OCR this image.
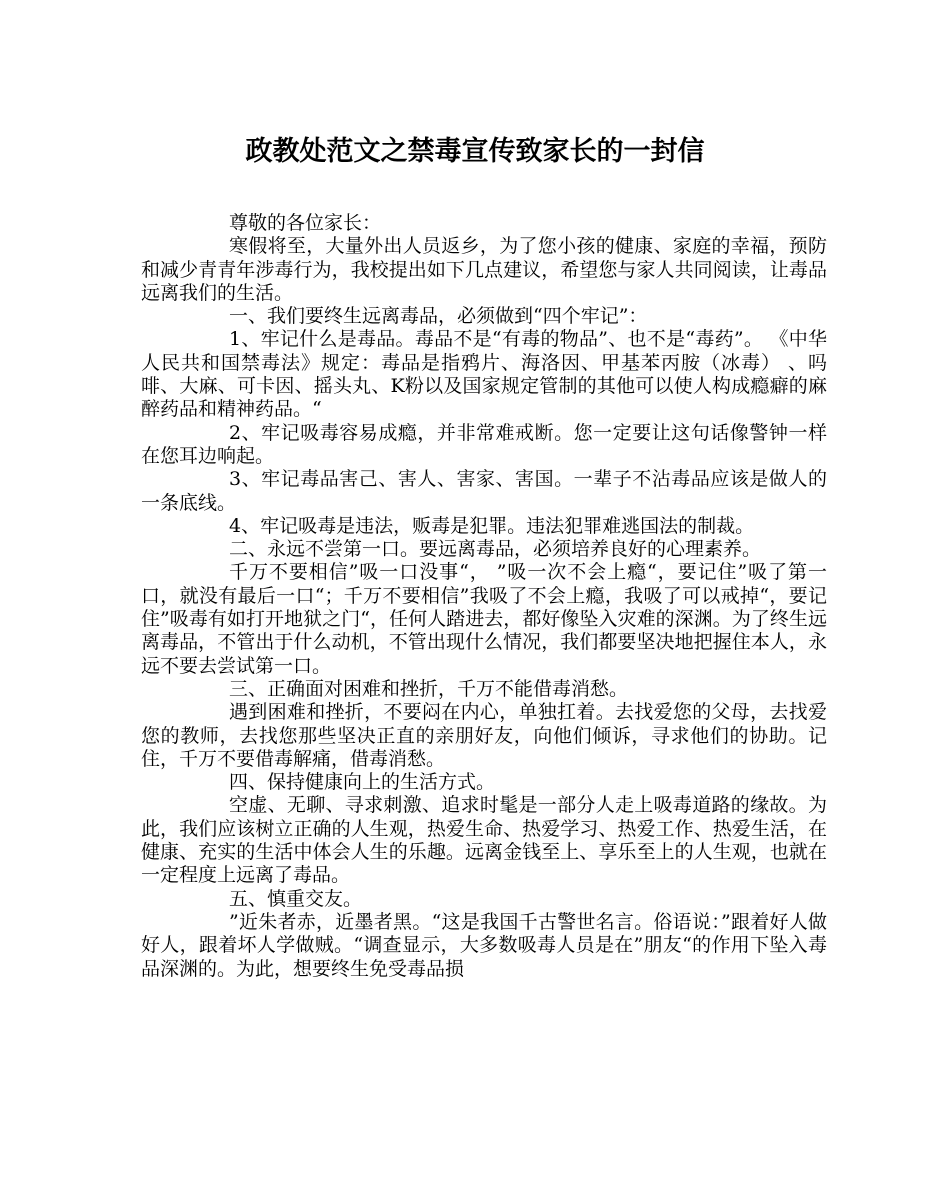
政教处范文之禁毒宣传致家长的一封信

尊敬的各位家长：

寒假将至，大量外出人员返乡，为了您小孩的健康、家庭的幸福，预防和减少青青年涉毒行为，我校提出如下几点建议，希望您与家人共同阅读，让毒品远离我们的生活。

一、我们要终生远离毒品，必须做到“四个牢记”：

1、牢记什么是毒品。毒品不是“有毒的物品”、也不是“毒药”。 《中华人民共和国禁毒法》规定：毒品是指鸦片、海洛因、甲基苯丙胺（冰毒） 、吗啡、大麻、可卡因、摇头丸、K粉以及国家规定管制的其他可以使人构成瘾癖的麻醉药品和精神药品。“

2、牢记吸毒容易成瘾，并非常难戒断。您一定要让这句话像警钟一样在您耳边响起。

3、牢记毒品害己、害人、害家、害国。一辈子不沾毒品应该是做人的一条底线。

4、牢记吸毒是违法，贩毒是犯罪。违法犯罪难逃国法的制裁。

二、永远不尝第一口。要远离毒品，必须培养良好的心理素养。

千万不要相信”吸一口没事“， ”吸一次不会上瘾“，要记住”吸了第一口，就没有最后一口“；千万不要相信”我吸了不会上瘾，我吸了可以戒掉“，要记住”吸毒有如打开地狱之门“，任何人踏进去，都好像坠入灾难的深渊。为了终生远离毒品，不管出于什么动机，不管出现什么情况，我们都要坚决地把握住本人，永远不要去尝试第一口。

三、正确面对困难和挫折，千万不能借毒消愁。

遇到困难和挫折，不要闷在内心，单独扛着。去找爱您的父母，去找爱您的教师，去找您那些坚决正直的亲朋好友，向他们倾诉，寻求他们的协助。记住，千万不要借毒解痛，借毒消愁。

四、保持健康向上的生活方式。

空虚、无聊、寻求刺激、追求时髦是一部分人走上吸毒道路的缘故。为此，我们应该树立正确的人生观，热爱生命、热爱学习、热爱工作、热爱生活，在健康、充实的生活中体会人生的乐趣。远离金钱至上、享乐至上的人生观，也就在一定程度上远离了毒品。

五、慎重交友。

”近朱者赤，近墨者黑。“这是我国千古警世名言。俗语说：”跟着好人做好人，跟着坏人学做贼。“调查显示，大多数吸毒人员是在”朋友“的作用下坠入毒品深渊的。为此，想要终生免受毒品损
